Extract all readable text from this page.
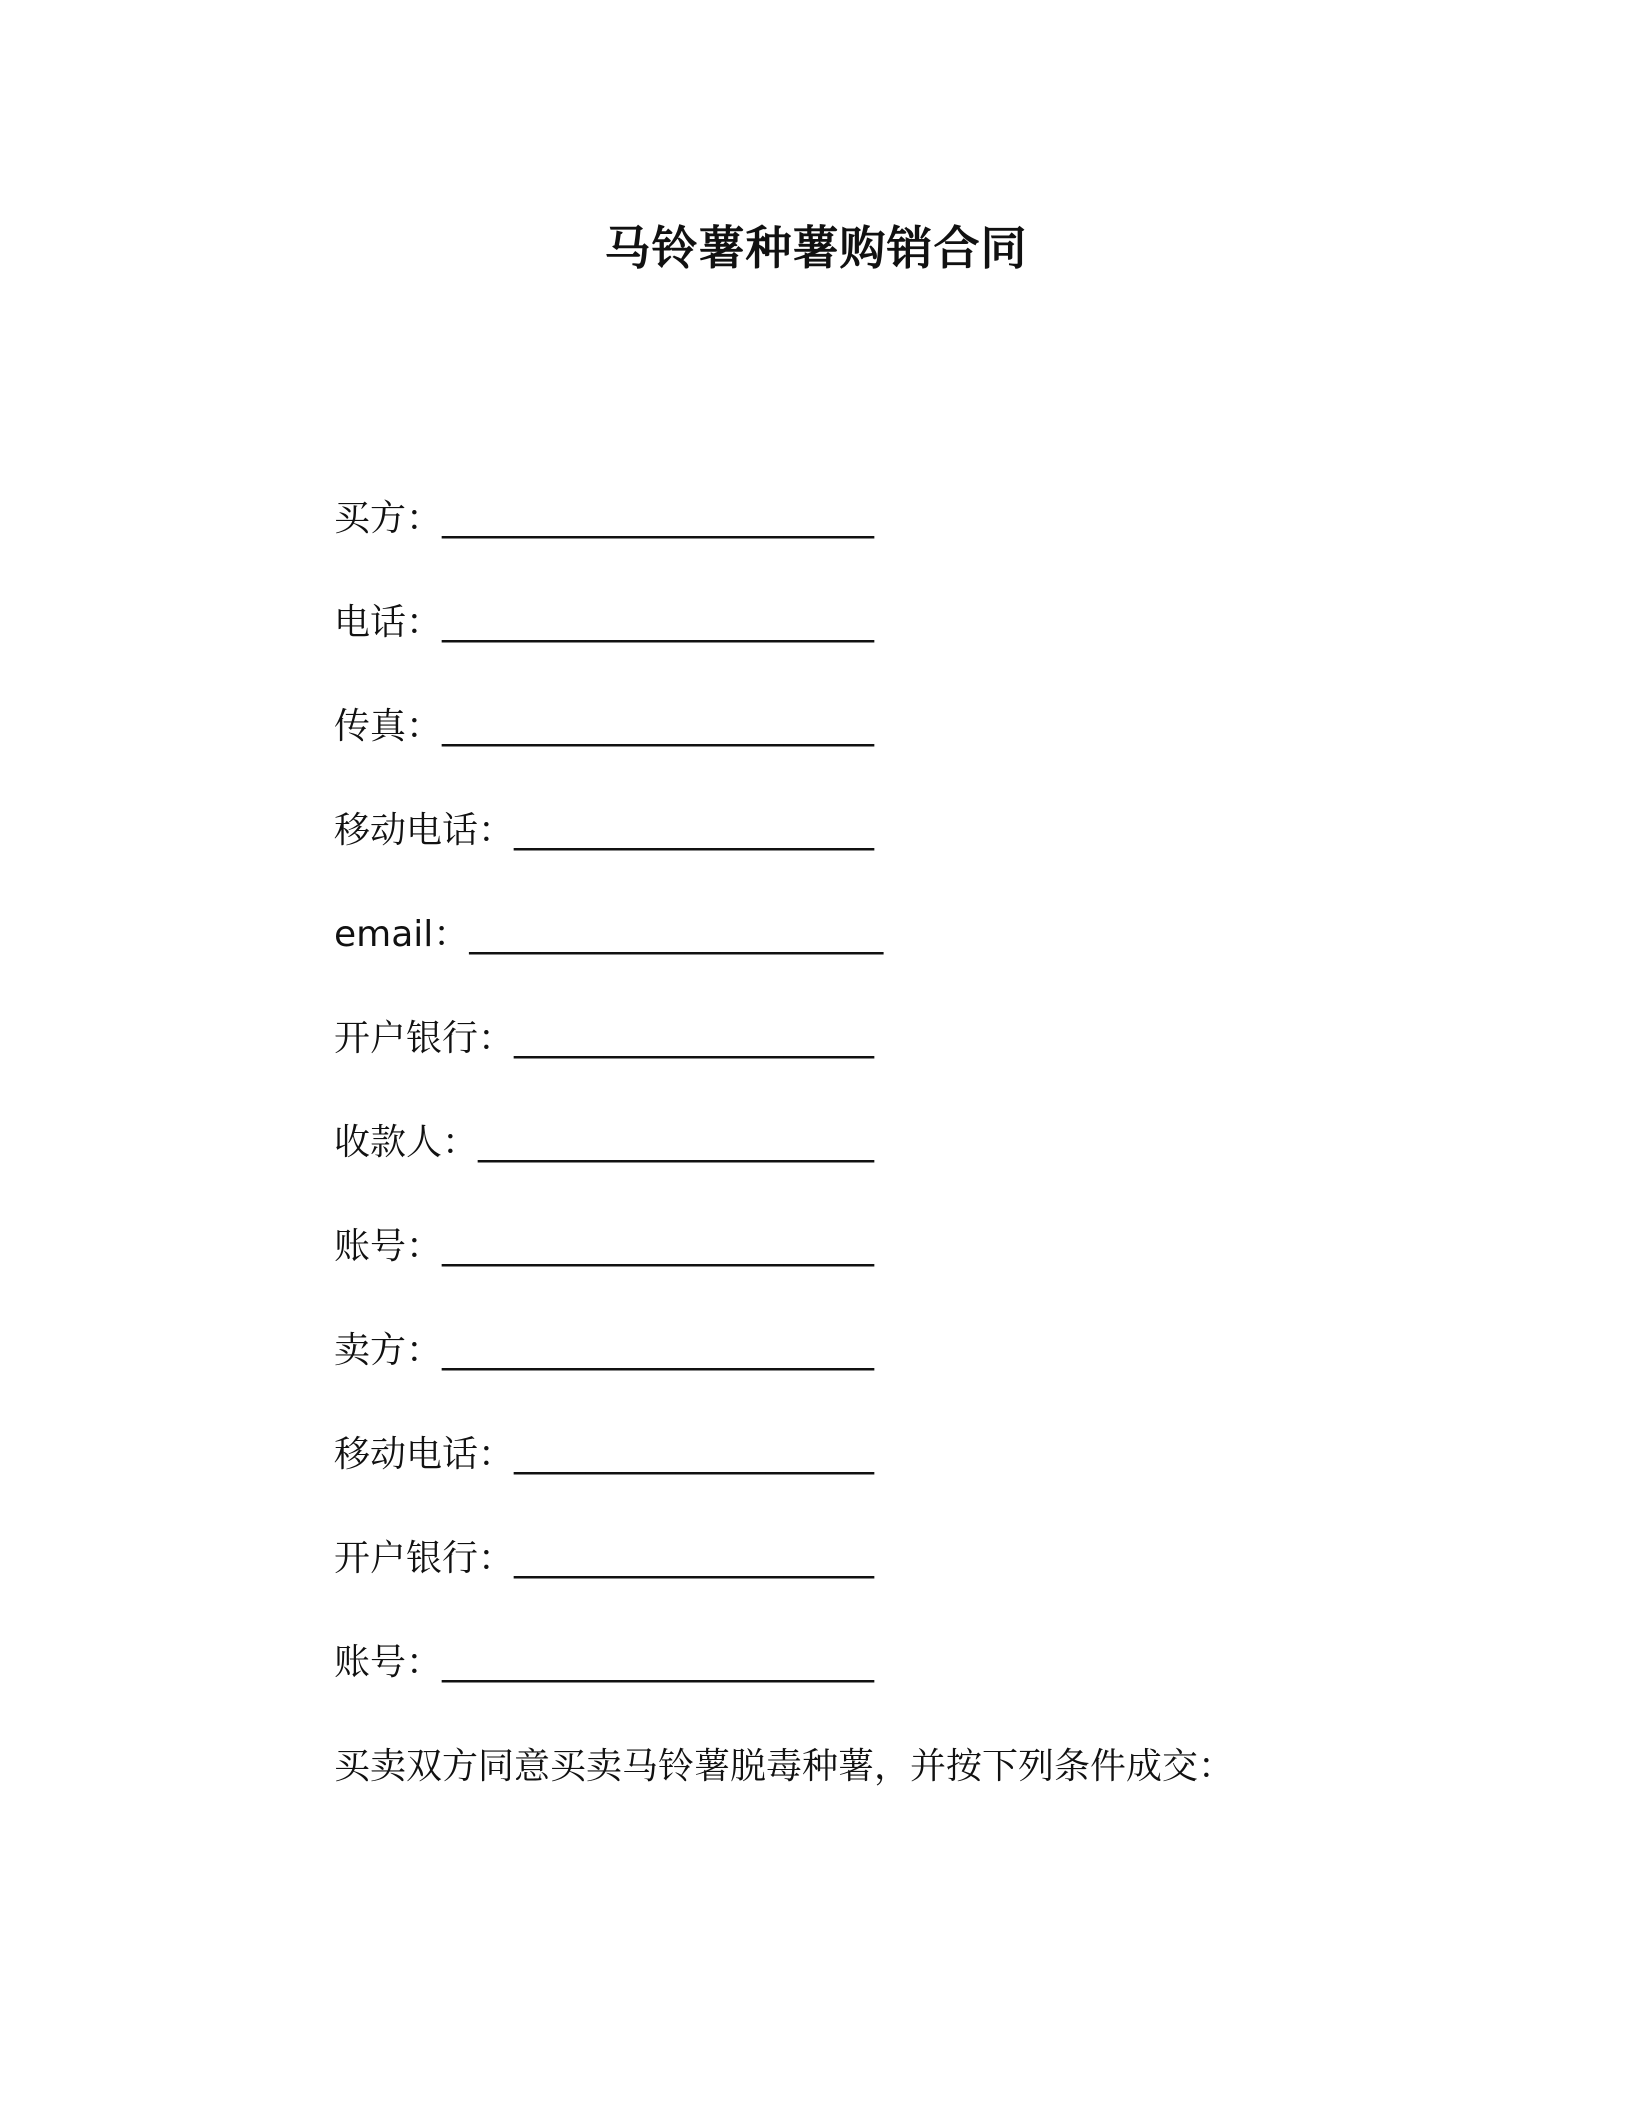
马铃薯种薯购销合同
买方： ________________________
电话： ________________________
传真： ________________________
移动电话： ____________________
email： _______________________
开户银行： ____________________
收款人： ______________________
账号： ________________________
卖方： ________________________
移动电话： ____________________
开户银行： ____________________
账号： ________________________
买卖双方同意买卖马铃薯脱毒种薯，并按下列条件成交：
